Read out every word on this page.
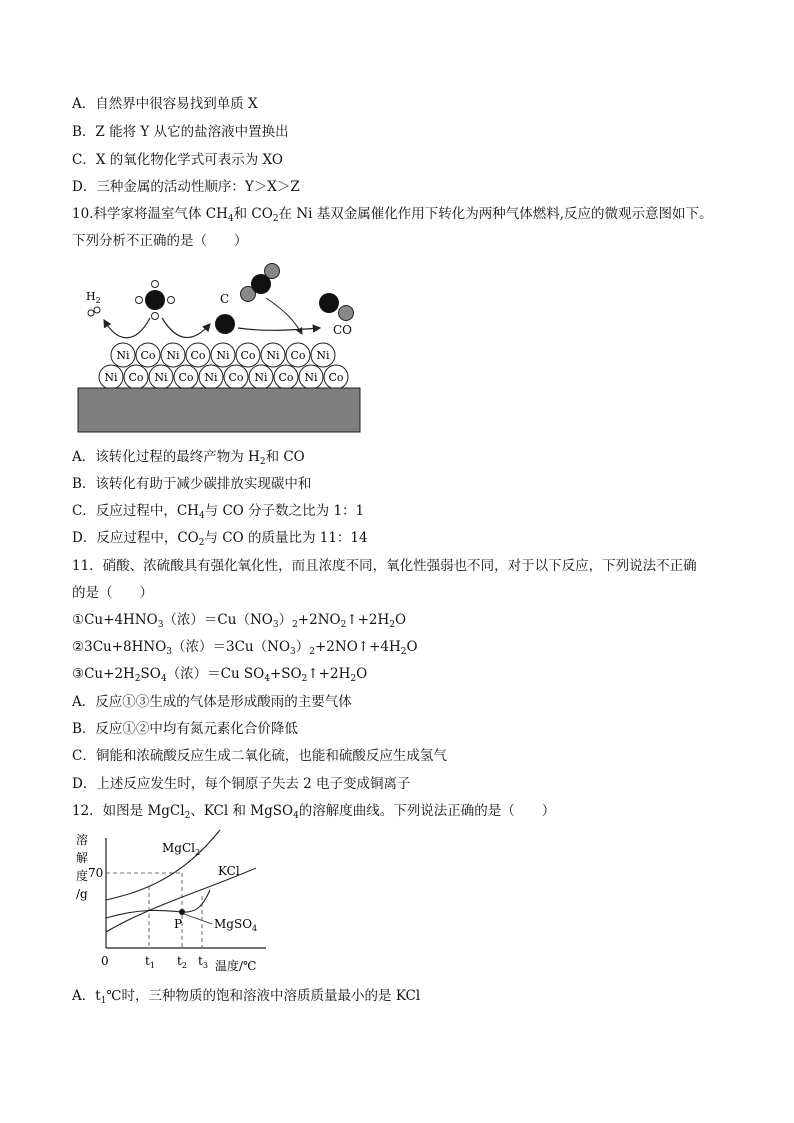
A．自然界中很容易找到单质 X
B．Z 能将 Y 从它的盐溶液中置换出
C．X 的氧化物化学式可表示为 XO
D．三种金属的活动性顺序：Y＞X＞Z
10.科学家将温室气体 $CH_4$和 $CO_2$在 Ni 基双金属催化作用下转化为两种气体燃料,反应的微观示意图如下。
下列分析不正确的是（　　）
$H_2$	C
CO
Ni Co Ni Co Ni Co Ni Co Ni
Ni Co Ni Co Ni Co Ni Co Ni Co
A．该转化过程的最终产物为 $H_2$和 CO
B．该转化有助于减少碳排放实现碳中和
C．反应过程中，$CH_4$与 CO 分子数之比为 1：1
D．反应过程中，$CO_2$与 CO 的质量比为 11：14
11．硝酸、浓硫酸具有强化氧化性，而且浓度不同，氧化性强弱也不同，对于以下反应，下列说法不正确
的是（　　）
$①Cu+4HNO_3$（浓）$=Cu(NO_3)_2+2NO_2↑+2H_2O$
$②3Cu+8HNO_3$（浓）$=3Cu(NO_3)_2+2NO↑+4H_2O$
$③Cu+2H_2SO_4$（浓）＝Cu $SO_4+SO_2↑+2H_2O$
A．反应①③生成的气体是形成酸雨的主要气体
B．反应①②中均有氮元素化合价降低
C．铜能和浓硫酸反应生成二氧化硫，也能和硫酸反应生成氢气
D．上述反应发生时，每个铜原子失去 2 电子变成铜离子
12．如图是 MgCl$_2$、KCl 和 MgSO$_4$的溶解度曲线。下列说法正确的是（　　）
溶
解
度
/g
70
P
MgCl$_2$
KCl
MgSO$_4$
0	$t_1$ $t_2$ $t_3$ 温度/℃
A．$t_1℃$时，三种物质的饱和溶液中溶质质量最小的是 KCl
